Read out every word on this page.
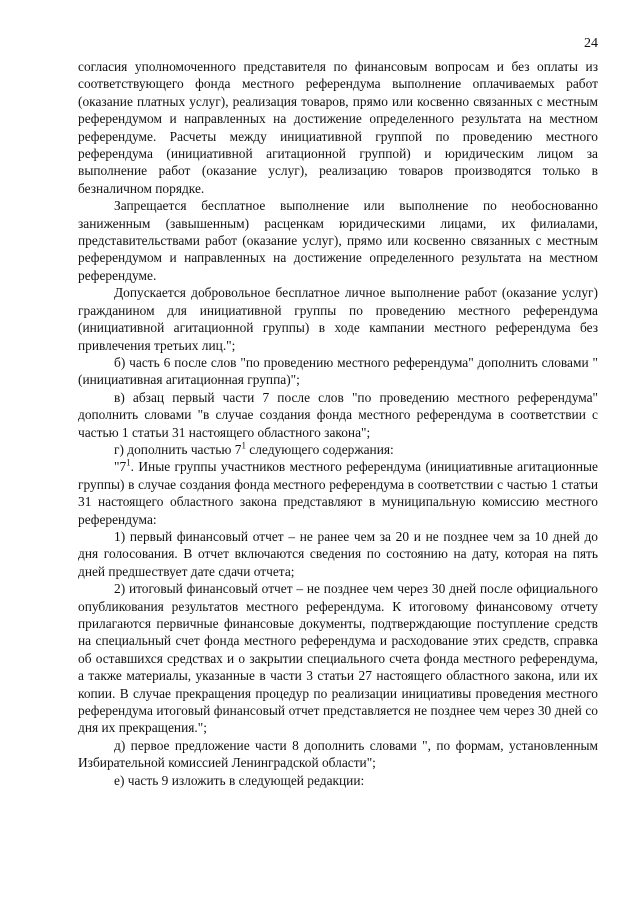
24

согласия уполномоченного представителя по финансовым вопросам и без оплаты из соответствующего фонда местного референдума выполнение оплачиваемых работ (оказание платных услуг), реализация товаров, прямо или косвенно связанных с местным референдумом и направленных на достижение определенного результата на местном референдуме. Расчеты между инициативной группой по проведению местного референдума (инициативной агитационной группой) и юридическим лицом за выполнение работ (оказание услуг), реализацию товаров производятся только в безналичном порядке.

Запрещается бесплатное выполнение или выполнение по необоснованно заниженным (завышенным) расценкам юридическими лицами, их филиалами, представительствами работ (оказание услуг), прямо или косвенно связанных с местным референдумом и направленных на достижение определенного результата на местном референдуме.

Допускается добровольное бесплатное личное выполнение работ (оказание услуг) гражданином для инициативной группы по проведению местного референдума (инициативной агитационной группы) в ходе кампании местного референдума без привлечения третьих лиц.";

б) часть 6 после слов "по проведению местного референдума" дополнить словами "(инициативная агитационная группа)";

в) абзац первый части 7 после слов "по проведению местного референдума" дополнить словами "в случае создания фонда местного референдума в соответствии с частью 1 статьи 31 настоящего областного закона";

г) дополнить частью $7^1$ следующего содержания:

"$7^1$. Иные группы участников местного референдума (инициативные агитационные группы) в случае создания фонда местного референдума в соответствии с частью 1 статьи 31 настоящего областного закона представляют в муниципальную комиссию местного референдума:

1) первый финансовый отчет – не ранее чем за 20 и не позднее чем за 10 дней до дня голосования. В отчет включаются сведения по состоянию на дату, которая на пять дней предшествует дате сдачи отчета;

2) итоговый финансовый отчет – не позднее чем через 30 дней после официального опубликования результатов местного референдума. К итоговому финансовому отчету прилагаются первичные финансовые документы, подтверждающие поступление средств на специальный счет фонда местного референдума и расходование этих средств, справка об оставшихся средствах и о закрытии специального счета фонда местного референдума, а также материалы, указанные в части 3 статьи 27 настоящего областного закона, или их копии. В случае прекращения процедур по реализации инициативы проведения местного референдума итоговый финансовый отчет представляется не позднее чем через 30 дней со дня их прекращения.";

д) первое предложение части 8 дополнить словами ", по формам, установленным Избирательной комиссией Ленинградской области";

е) часть 9 изложить в следующей редакции:
